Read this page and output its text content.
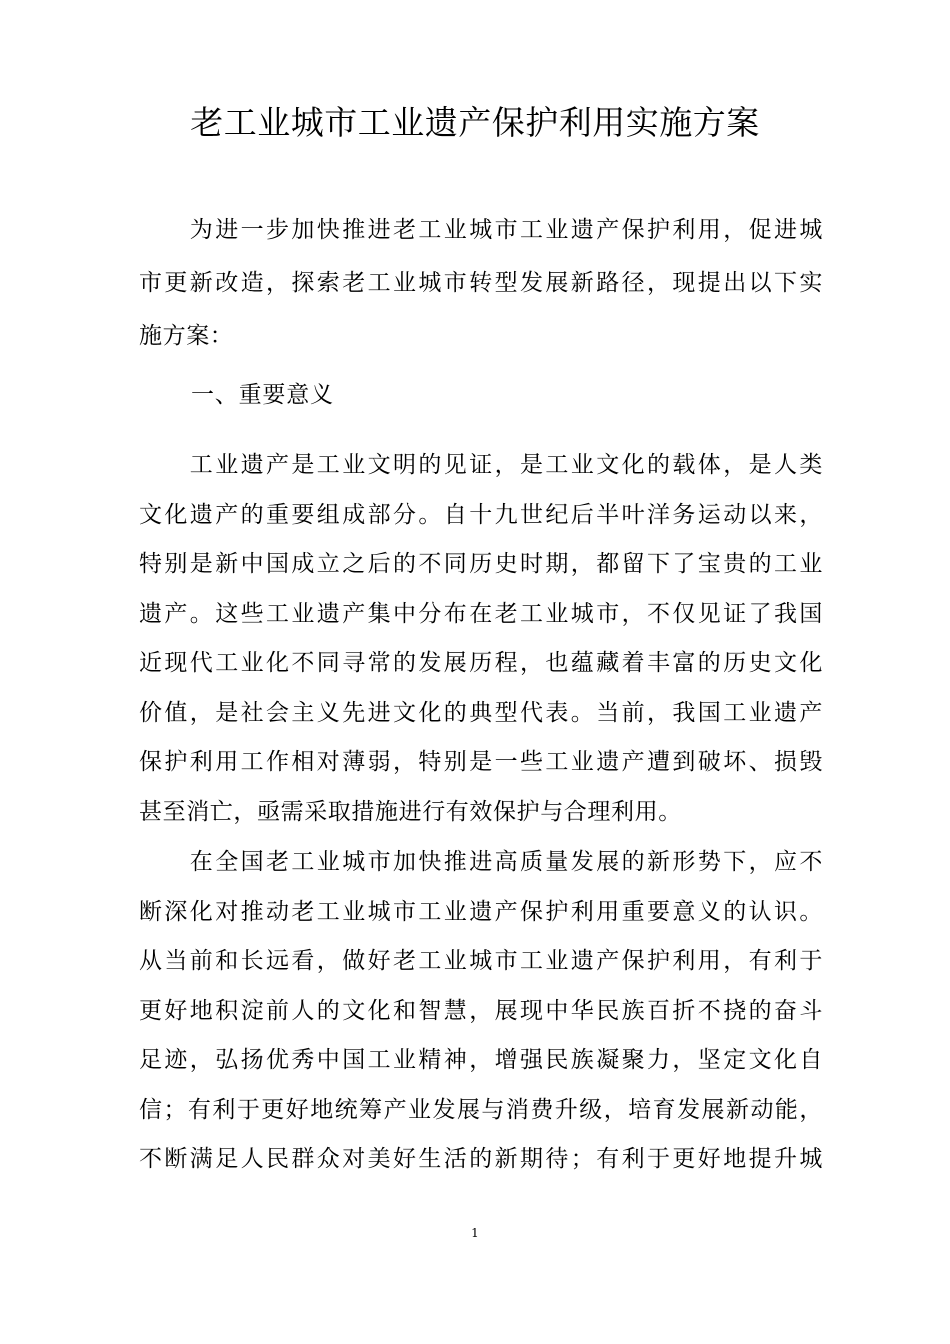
老工业城市工业遗产保护利用实施方案
　　为进一步加快推进老工业城市工业遗产保护利用，促进城
市更新改造，探索老工业城市转型发展新路径，现提出以下实
施方案：
一、重要意义
　　工业遗产是工业文明的见证，是工业文化的载体，是人类
文化遗产的重要组成部分。自十九世纪后半叶洋务运动以来，
特别是新中国成立之后的不同历史时期，都留下了宝贵的工业
遗产。这些工业遗产集中分布在老工业城市，不仅见证了我国
近现代工业化不同寻常的发展历程，也蕴藏着丰富的历史文化
价值，是社会主义先进文化的典型代表。当前，我国工业遗产
保护利用工作相对薄弱，特别是一些工业遗产遭到破坏、损毁
甚至消亡，亟需采取措施进行有效保护与合理利用。
　　在全国老工业城市加快推进高质量发展的新形势下，应不
断深化对推动老工业城市工业遗产保护利用重要意义的认识。
从当前和长远看，做好老工业城市工业遗产保护利用，有利于
更好地积淀前人的文化和智慧，展现中华民族百折不挠的奋斗
足迹，弘扬优秀中国工业精神，增强民族凝聚力，坚定文化自
信；有利于更好地统筹产业发展与消费升级，培育发展新动能，
不断满足人民群众对美好生活的新期待；有利于更好地提升城
1
